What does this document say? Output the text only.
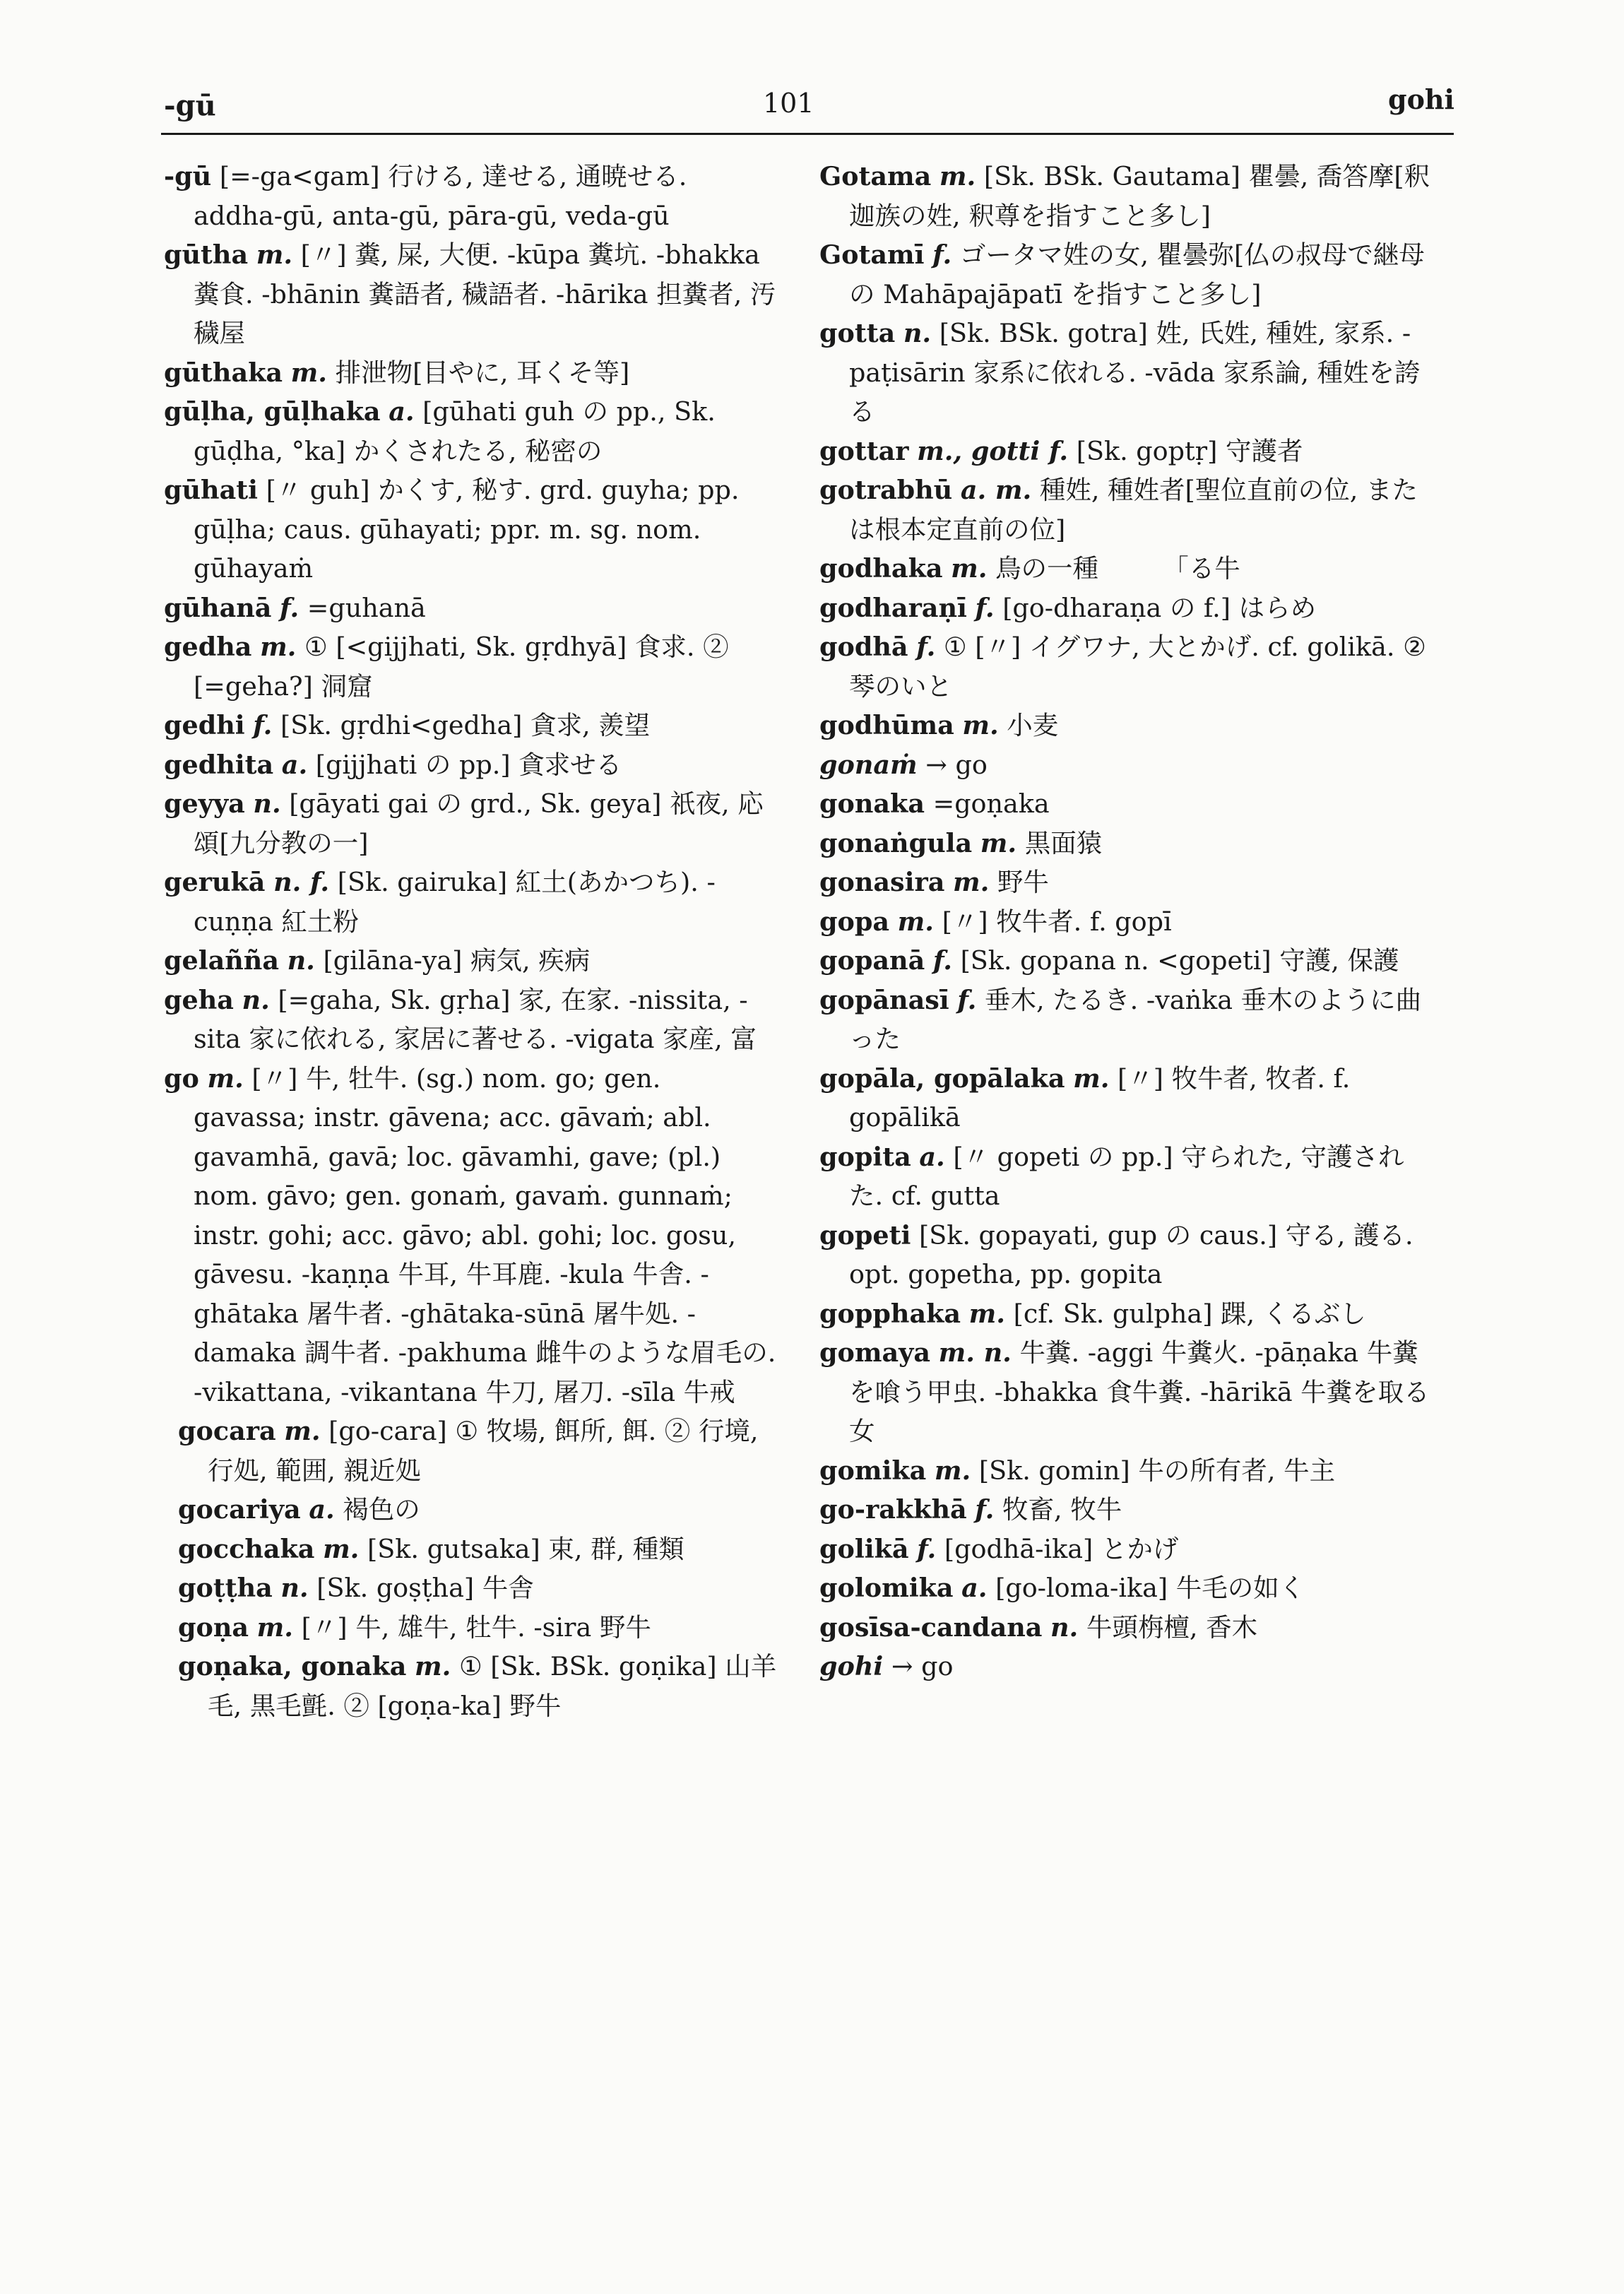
-gū	101	gohi
-gū [=-ga<gam] 行ける, 達せる, 通暁せる. addha-gū, anta-gū, pāra-gū, veda-gū
gūtha m. [〃] 糞, 屎, 大便. -kūpa 糞坑. -bhakka 糞食. -bhānin 糞語者, 穢語者. -hārika 担糞者, 汚穢屋
gūthaka m. 排泄物[目やに, 耳くそ等]
gūḷha, gūḷhaka a. [gūhati guh の pp., Sk. gūḍha, °ka] かくされたる, 秘密の
gūhati [〃 guh] かくす, 秘す. grd. guyha; pp. gūḷha; caus. gūhayati; ppr. m. sg. nom. gūhayaṁ
gūhanā f. =guhanā
gedha m. ① [<gijjhati, Sk. gṛdhyā] 食求. ② [=geha?] 洞窟
gedhi f. [Sk. gṛdhi<gedha] 貪求, 羨望
gedhita a. [gijjhati の pp.] 貪求せる
geyya n. [gāyati gai の grd., Sk. geya] 祇夜, 応頌[九分教の一]
gerukā n. f. [Sk. gairuka] 紅土(あかつち). -cuṇṇa 紅土粉
gelañña n. [gilāna-ya] 病気, 疾病
geha n. [=gaha, Sk. gṛha] 家, 在家. -nissita, -sita 家に依れる, 家居に著せる. -vigata 家産, 富
go m. [〃] 牛, 牡牛. (sg.) nom. go; gen. gavassa; instr. gāvena; acc. gāvaṁ; abl. gavamhā, gavā; loc. gāvamhi, gave; (pl.) nom. gāvo; gen. gonaṁ, gavaṁ. gunnaṁ; instr. gohi; acc. gāvo; abl. gohi; loc. gosu, gāvesu. -kaṇṇa 牛耳, 牛耳鹿. -kula 牛舎. -ghātaka 屠牛者. -ghātaka-sūnā 屠牛処. -damaka 調牛者. -pakhuma 雌牛のような眉毛の. -vikattana, -vikantana 牛刀, 屠刀. -sīla 牛戒
gocara m. [go-cara] ① 牧場, 餌所, 餌. ② 行境, 行処, 範囲, 親近処
gocariya a. 褐色の
gocchaka m. [Sk. gutsaka] 束, 群, 種類
goṭṭha n. [Sk. goṣṭha] 牛舎
goṇa m. [〃] 牛, 雄牛, 牡牛. -sira 野牛
goṇaka, gonaka m. ① [Sk. BSk. goṇika] 山羊毛, 黒毛氈. ② [goṇa-ka] 野牛
Gotama m. [Sk. BSk. Gautama] 瞿曇, 喬答摩[釈迦族の姓, 釈尊を指すこと多し]
Gotamī f. ゴータマ姓の女, 瞿曇弥[仏の叔母で継母の Mahāpajāpatī を指すこと多し]
gotta n. [Sk. BSk. gotra] 姓, 氏姓, 種姓, 家系. -paṭisārin 家系に依れる. -vāda 家系論, 種姓を誇る
gottar m., gotti f. [Sk. goptṛ] 守護者
gotrabhū a. m. 種姓, 種姓者[聖位直前の位, または根本定直前の位]
godhaka m. 鳥の一種　　　「る牛
godharaṇī f. [go-dharaṇa の f.] はらめ
godhā f. ① [〃] イグワナ, 大とかげ. cf. golikā. ② 琴のいと
godhūma m. 小麦
gonaṁ → go
gonaka =goṇaka
gonaṅgula m. 黒面猿
gonasira m. 野牛
gopa m. [〃] 牧牛者. f. gopī
gopanā f. [Sk. gopana n. <gopeti] 守護, 保護
gopānasī f. 垂木, たるき. -vaṅka 垂木のように曲った
gopāla, gopālaka m. [〃] 牧牛者, 牧者. f. gopālikā
gopita a. [〃 gopeti の pp.] 守られた, 守護された. cf. gutta
gopeti [Sk. gopayati, gup の caus.] 守る, 護る. opt. gopetha, pp. gopita
gopphaka m. [cf. Sk. gulpha] 踝, くるぶし
gomaya m. n. 牛糞. -aggi 牛糞火. -pāṇaka 牛糞を喰う甲虫. -bhakka 食牛糞. -hārikā 牛糞を取る女
gomika m. [Sk. gomin] 牛の所有者, 牛主
go-rakkhā f. 牧畜, 牧牛
golikā f. [godhā-ika] とかげ
golomika a. [go-loma-ika] 牛毛の如く
gosīsa-candana n. 牛頭栴檀, 香木
gohi → go
